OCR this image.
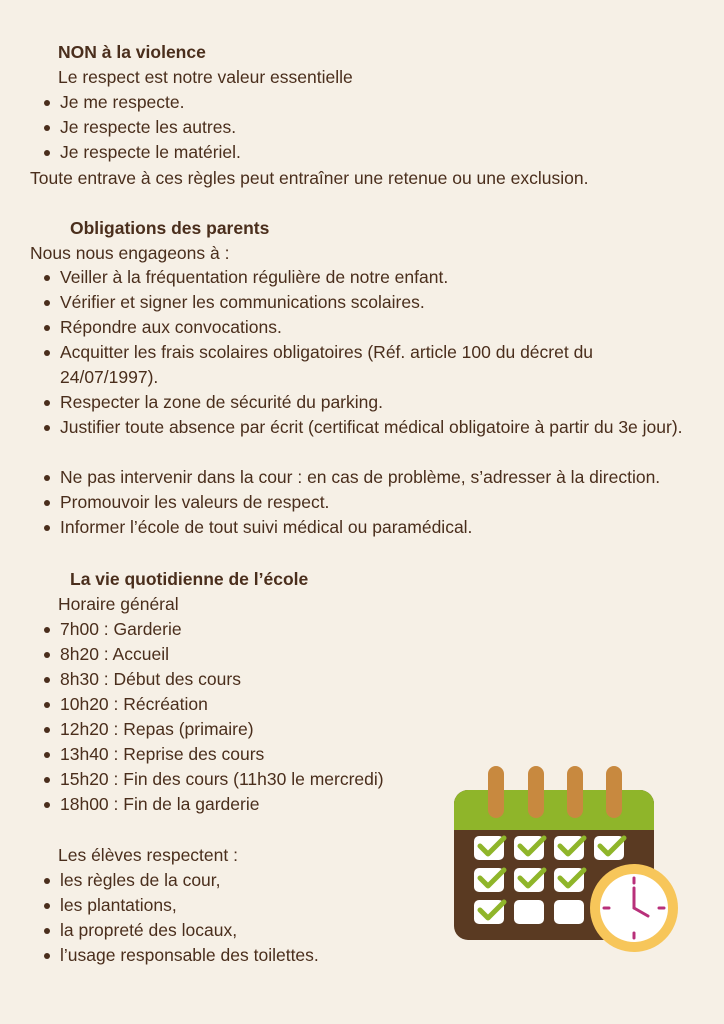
NON à la violence

Le respect est notre valeur essentielle

Je me respecte.
Je respecte les autres.
Je respecte le matériel.

Toute entrave à ces règles peut entraîner une retenue ou une exclusion.

Obligations des parents

Nous nous engageons à :

Veiller à la fréquentation régulière de notre enfant.
Vérifier et signer les communications scolaires.
Répondre aux convocations.
Acquitter les frais scolaires obligatoires (Réf. article 100 du décret du 24/07/1997).
Respecter la zone de sécurité du parking.
Justifier toute absence par écrit (certificat médical obligatoire à partir du 3e jour).
Ne pas intervenir dans la cour : en cas de problème, s’adresser à la direction.
Promouvoir les valeurs de respect.
Informer l’école de tout suivi médical ou paramédical.

La vie quotidienne de l’école

Horaire général

7h00 : Garderie
8h20 : Accueil
8h30 : Début des cours
10h20 : Récréation
12h20 : Repas (primaire)
13h40 : Reprise des cours
15h20 : Fin des cours (11h30 le mercredi)
18h00 : Fin de la garderie

Les élèves respectent :

les règles de la cour,
les plantations,
la propreté des locaux,
l’usage responsable des toilettes.
